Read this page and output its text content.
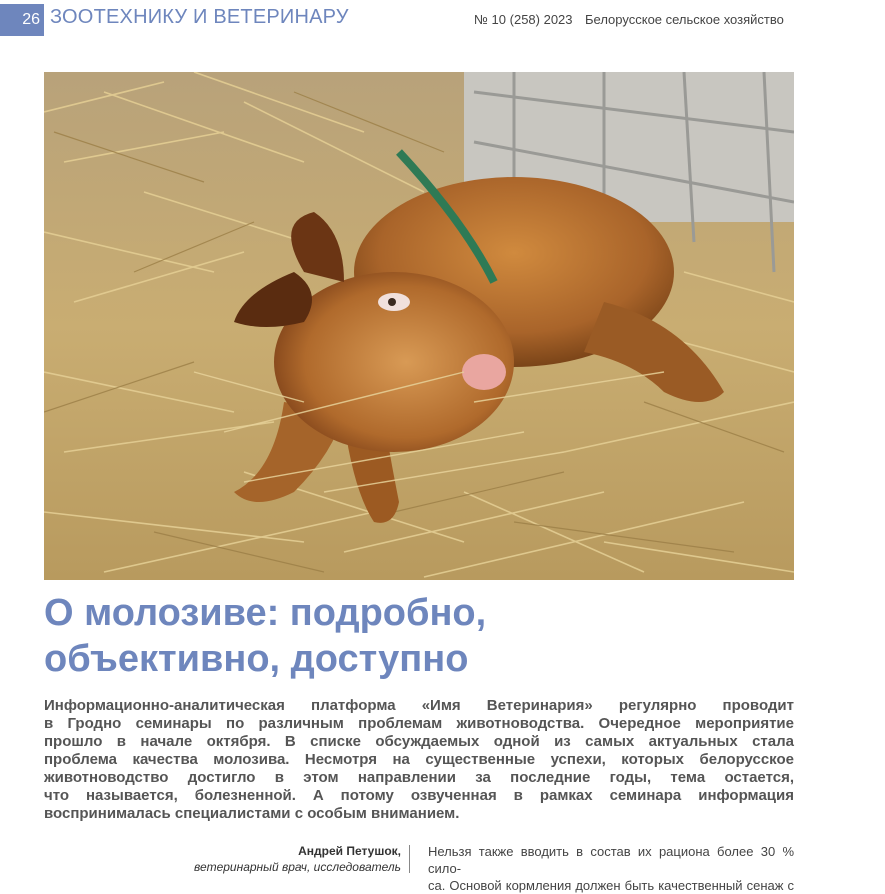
26 ЗООТЕХНИКУ И ВЕТЕРИНАРУ	№ 10 (258) 2023 Белорусское сельское хозяйство
О молозиве: подробно,
объективно, доступно
Информационно-аналитическая платформа «Имя Ветеринария» регулярно проводит
в Гродно семинары по различным проблемам животноводства. Очередное мероприятие
прошло в начале октября. В списке обсуждаемых одной из самых актуальных стала
проблема качества молозива. Несмотря на существенные успехи, которых белорусское
животноводство достигло в этом направлении за последние годы, тема остается,
что называется, болезненной. А потому озвученная в рамках семинара информация
воспринималась специалистами с особым вниманием.
Андрей Петушок,
ветеринарный врач, исследователь
Нельзя также вводить в состав их рациона более 30 % сило-
са. Основой кормления должен быть качественный сенаж с
